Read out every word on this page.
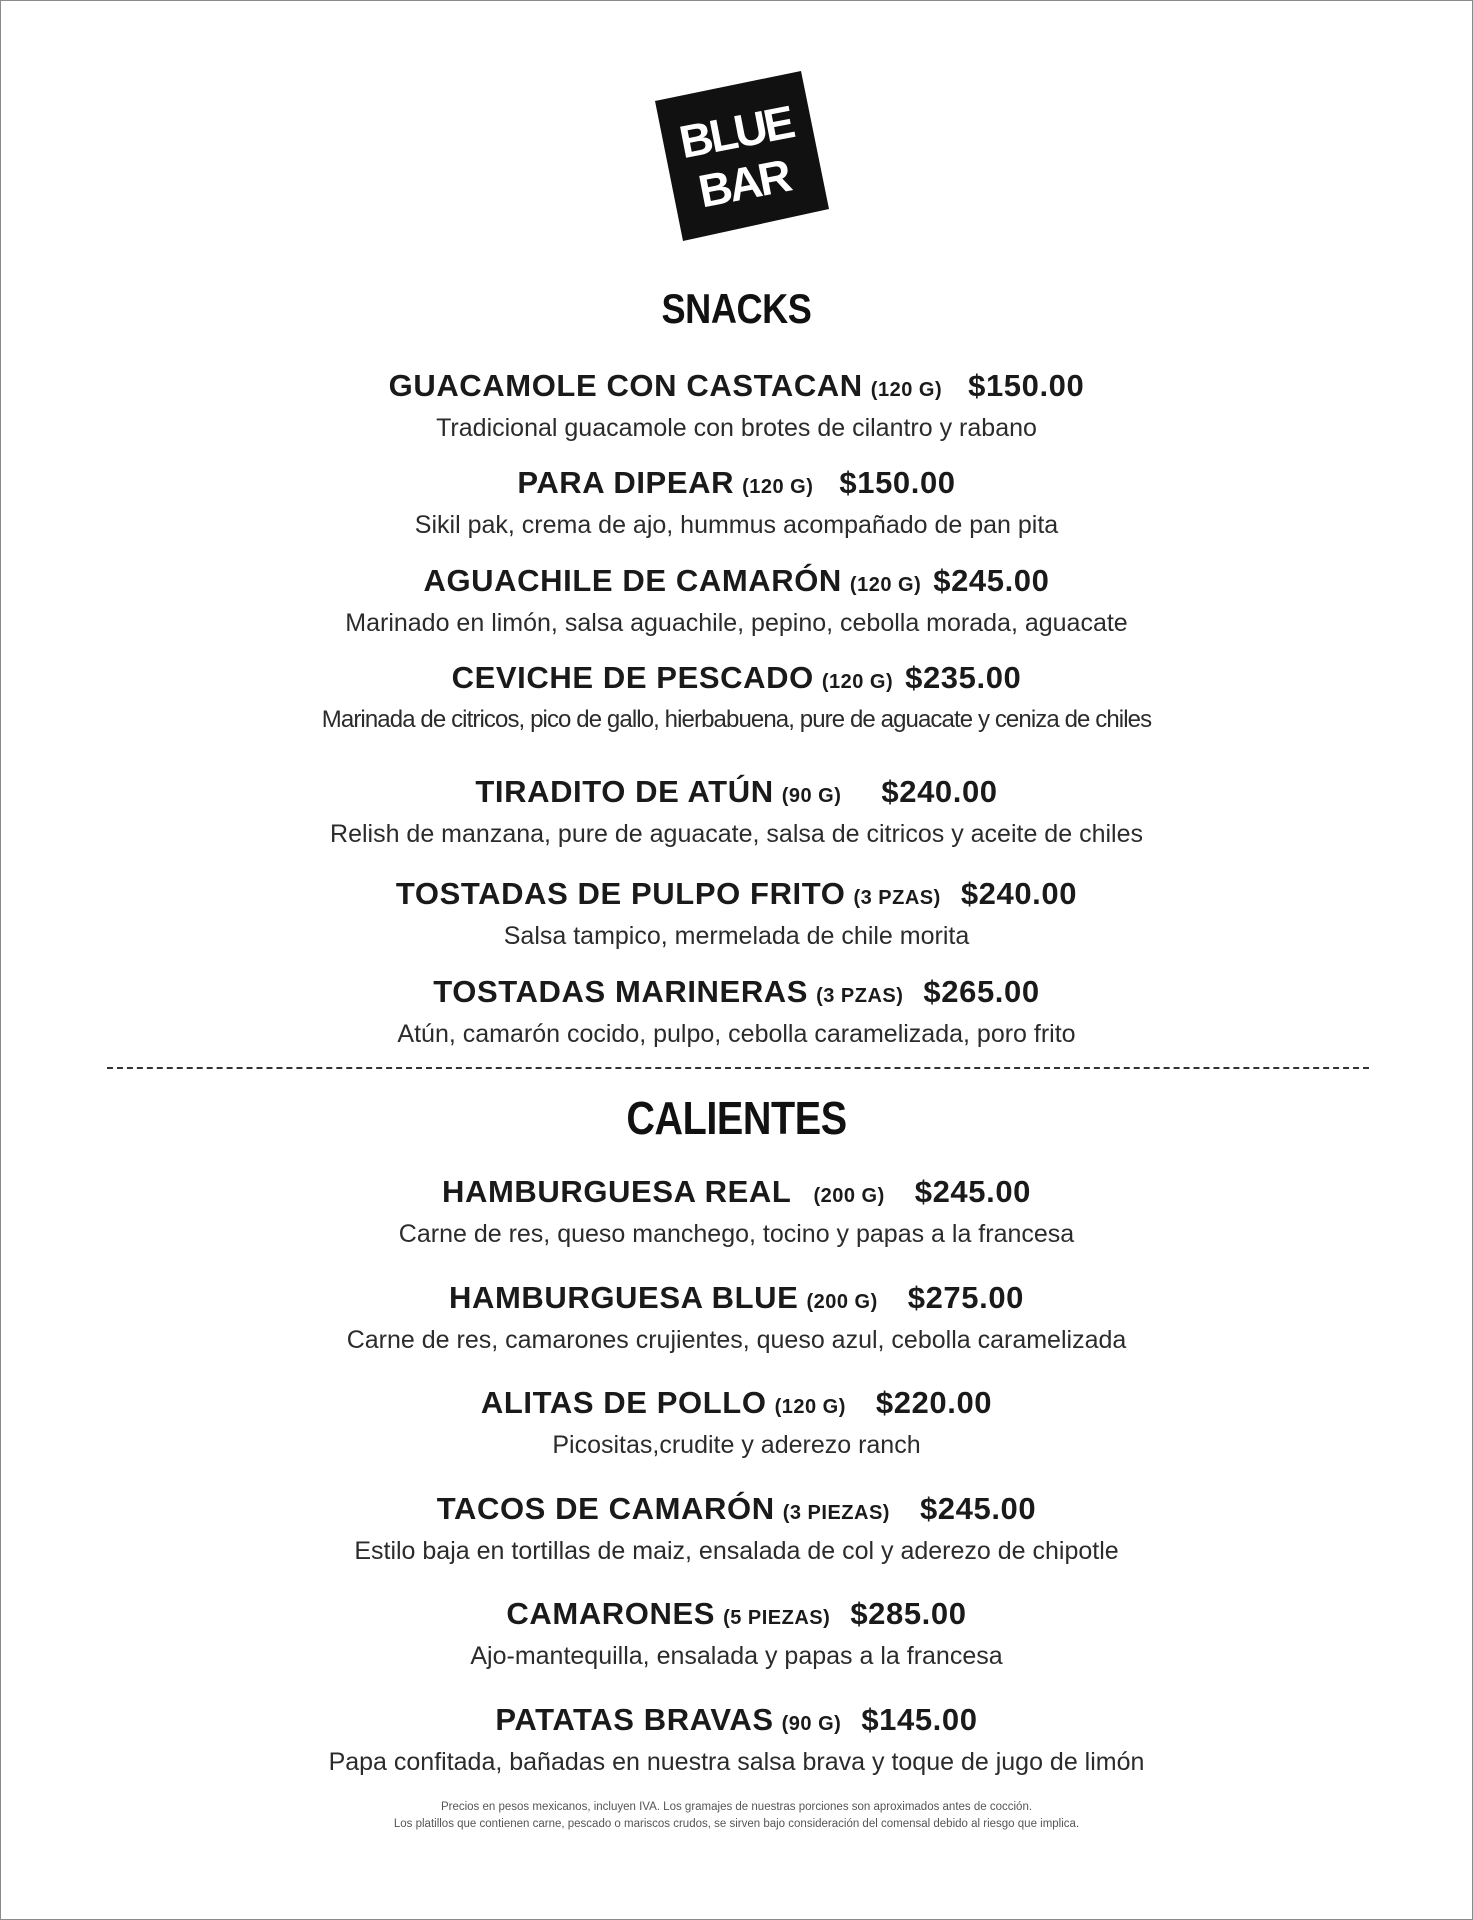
BLUE
BAR
SNACKS
GUACAMOLE CON CASTACAN (120 G) $150.00
Tradicional guacamole con brotes de cilantro y rabano
PARA DIPEAR (120 G) $150.00
Sikil pak, crema de ajo, hummus acompañado de pan pita
AGUACHILE DE CAMARÓN (120 G) $245.00
Marinado en limón, salsa aguachile, pepino, cebolla morada, aguacate
CEVICHE DE PESCADO (120 G) $235.00
Marinada de citricos, pico de gallo, hierbabuena, pure de aguacate y ceniza de chiles
TIRADITO DE ATÚN (90 G) $240.00
Relish de manzana, pure de aguacate, salsa de citricos y aceite de chiles
TOSTADAS DE PULPO FRITO (3 PZAS) $240.00
Salsa tampico, mermelada de chile morita
TOSTADAS MARINERAS (3 PZAS) $265.00
Atún, camarón cocido, pulpo, cebolla caramelizada, poro frito
CALIENTES
HAMBURGUESA REAL (200 G) $245.00
Carne de res, queso manchego, tocino y papas a la francesa
HAMBURGUESA BLUE (200 G) $275.00
Carne de res, camarones crujientes, queso azul, cebolla caramelizada
ALITAS DE POLLO (120 G) $220.00
Picositas,crudite y aderezo ranch
TACOS DE CAMARÓN (3 PIEZAS) $245.00
Estilo baja en tortillas de maiz, ensalada de col y aderezo de chipotle
CAMARONES (5 PIEZAS) $285.00
Ajo-mantequilla, ensalada y papas a la francesa
PATATAS BRAVAS (90 G) $145.00
Papa confitada, bañadas en nuestra salsa brava y toque de jugo de limón
Precios en pesos mexicanos, incluyen IVA. Los gramajes de nuestras porciones son aproximados antes de cocción.
Los platillos que contienen carne, pescado o mariscos crudos, se sirven bajo consideración del comensal debido al riesgo que implica.
